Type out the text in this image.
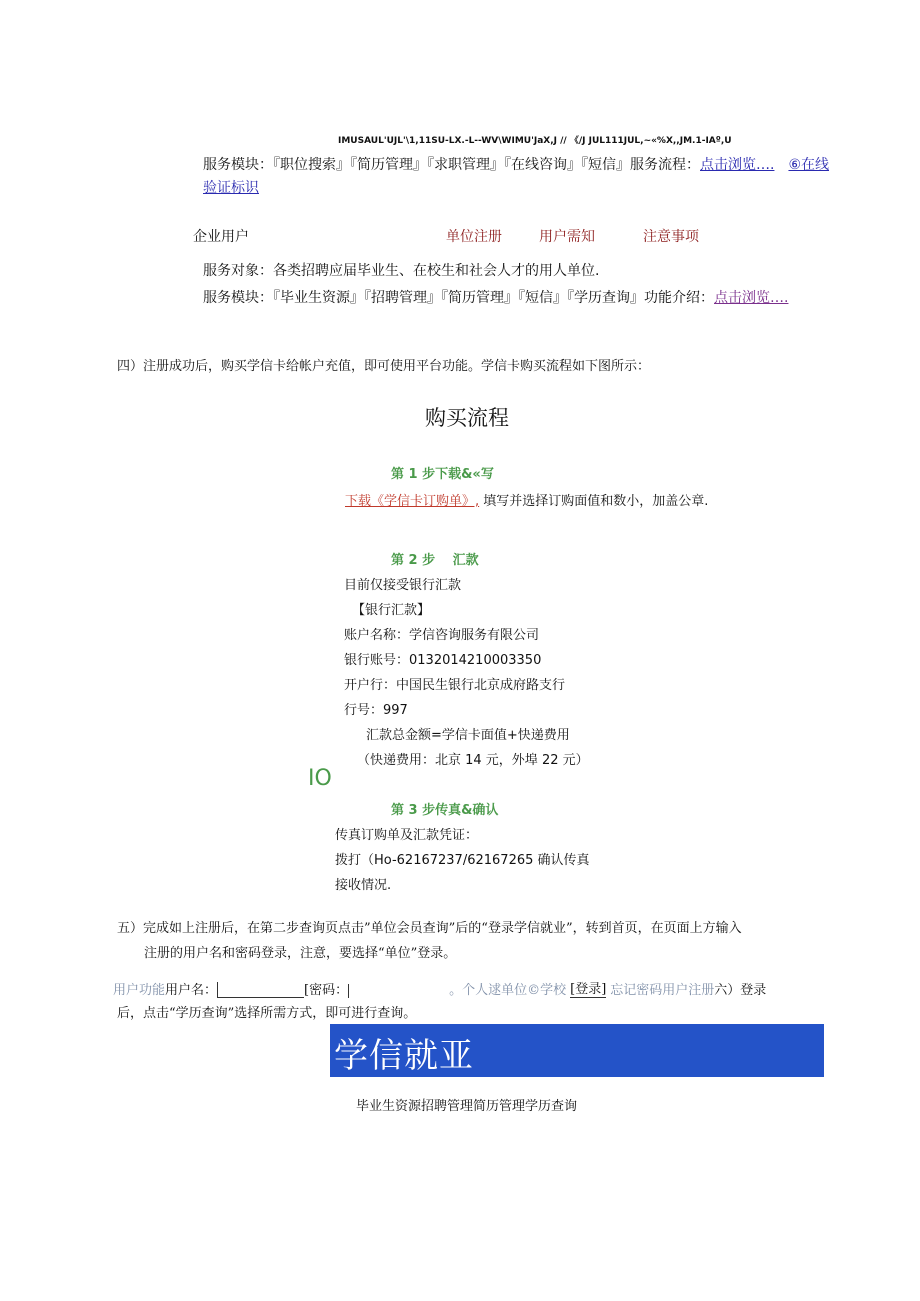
IMUSAUL'UJL'\1,11SU-LX.-L--WV\WIMU'JaX,J // 《/J JUL111JUL,~«%X,,JM.1-IAº,U
服务模块：『职位搜索』『简历管理』『求职管理』『在线咨询』『短信』服务流程：点击浏览…. ⑥在线
验证标识
企业用户	单位注册	用户需知	注意事项
服务对象：各类招聘应届毕业生、在校生和社会人才的用人单位.
服务模块：『毕业生资源』『招聘管理』『简历管理』『短信』『学历查询』功能介绍：点击浏览….
四）注册成功后，购买学信卡给帐户充值，即可使用平台功能。学信卡购买流程如下图所示：
购买流程
第 1 步下载&«写
下载《学信卡订购单》, 填写并选择订购面值和数小，加盖公章.
第 2 步　 汇款
目前仅接受银行汇款
【银行汇款】
账户名称：学信咨询服务有限公司
银行账号：0132014210003350
开户行：中国民生银行北京成府路支行
行号：997
汇款总金额=学信卡面值+快递费用
（快递费用：北京 14 元，外埠 22 元）
IO
第 3 步传真&确认
传真订购单及汇款凭证：
拨打（Ho-62167237/62167265 确认传真
接收情况.
五）完成如上注册后，在第二步查询页点击”单位会员查询”后的“登录学信就业”，转到首页，在页面上方输入
注册的用户名和密码登录，注意，要选择“单位”登录。
用户功能用户名：	[密码：	。个人逑单位©学校 [登录] 忘记密码用户注册六）登录
后，点击“学历查询”选择所需方式，即可进行查询。
学信就亚
毕业生资源招聘管理简历管理学历查询
